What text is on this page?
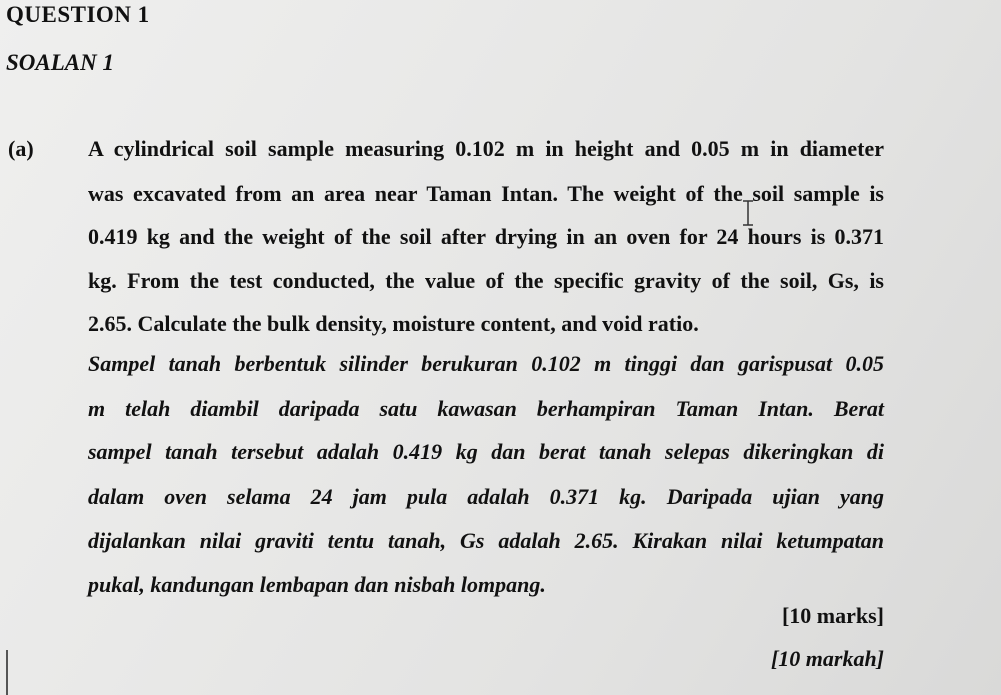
QUESTION 1
SOALAN 1
(a) A cylindrical soil sample measuring 0.102 m in height and 0.05 m in diameter
was excavated from an area near Taman Intan. The weight of the soil sample is
0.419 kg and the weight of the soil after drying in an oven for 24 hours is 0.371
kg. From the test conducted, the value of the specific gravity of the soil, Gs, is
2.65. Calculate the bulk density, moisture content, and void ratio.
Sampel tanah berbentuk silinder berukuran 0.102 m tinggi dan garispusat 0.05
m telah diambil daripada satu kawasan berhampiran Taman Intan. Berat
sampel tanah tersebut adalah 0.419 kg dan berat tanah selepas dikeringkan di
dalam oven selama 24 jam pula adalah 0.371 kg. Daripada ujian yang
dijalankan nilai graviti tentu tanah, Gs adalah 2.65. Kirakan nilai ketumpatan
pukal, kandungan lembapan dan nisbah lompang.
[10 marks]
[10 markah]
